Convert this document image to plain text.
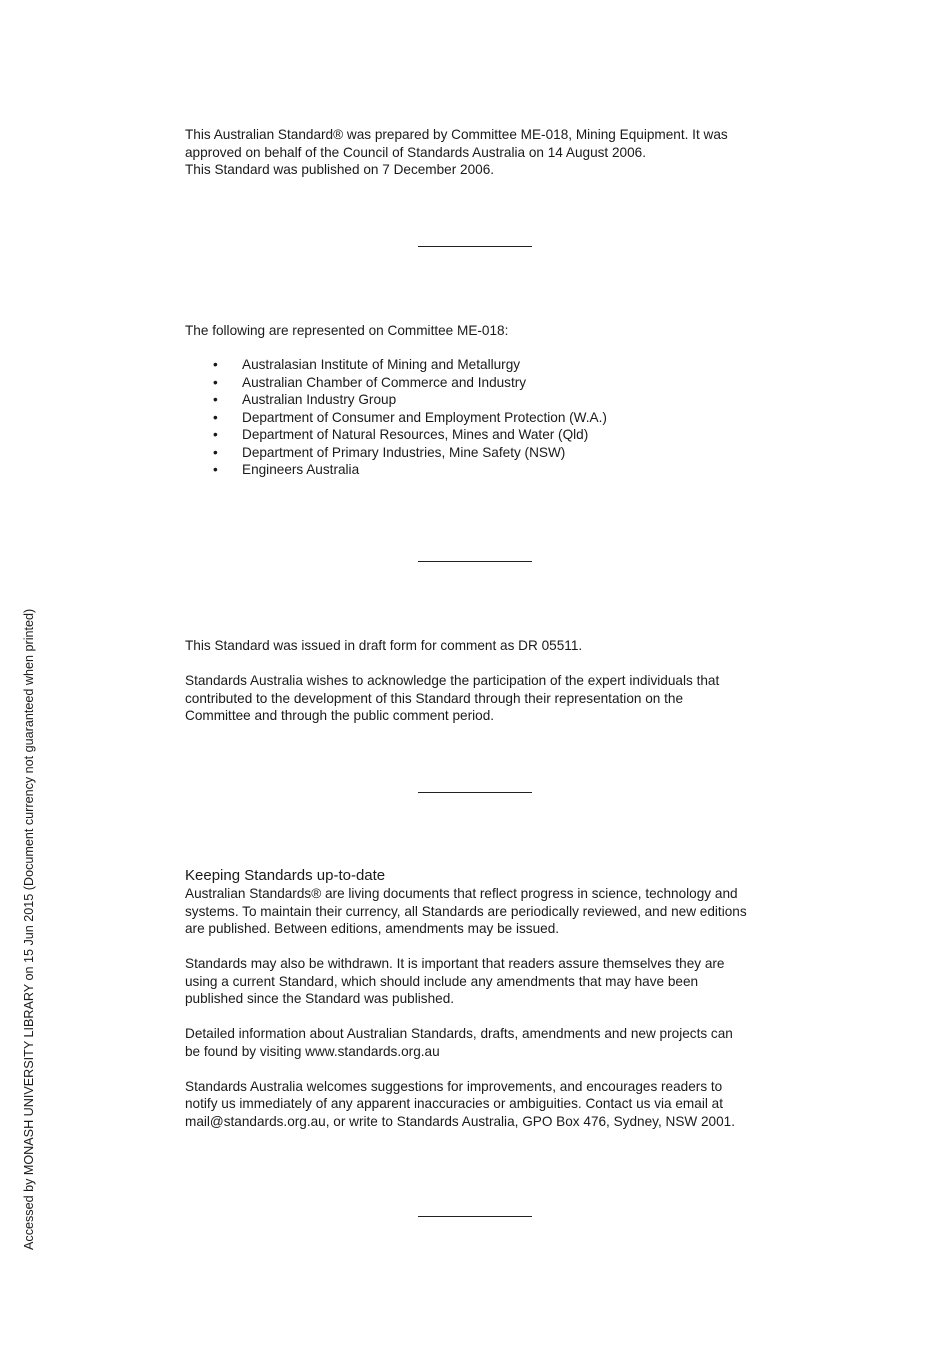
This Australian Standard® was prepared by Committee ME-018, Mining Equipment. It was

approved on behalf of the Council of Standards Australia on 14 August 2006.

This Standard was published on 7 December 2006.

The following are represented on Committee ME-018:

• Australasian Institute of Mining and Metallurgy
• Australian Chamber of Commerce and Industry
• Australian Industry Group
• Department of Consumer and Employment Protection (W.A.)
• Department of Natural Resources, Mines and Water (Qld)
• Department of Primary Industries, Mine Safety (NSW)
• Engineers Australia

This Standard was issued in draft form for comment as DR 05511.

Standards Australia wishes to acknowledge the participation of the expert individuals that

contributed to the development of this Standard through their representation on the

Committee and through the public comment period.

Keeping Standards up-to-date

Australian Standards® are living documents that reflect progress in science, technology and

systems. To maintain their currency, all Standards are periodically reviewed, and new editions

are published. Between editions, amendments may be issued.

Standards may also be withdrawn. It is important that readers assure themselves they are

using a current Standard, which should include any amendments that may have been

published since the Standard was published.

Detailed information about Australian Standards, drafts, amendments and new projects can

be found by visiting www.standards.org.au

Standards Australia welcomes suggestions for improvements, and encourages readers to

notify us immediately of any apparent inaccuracies or ambiguities. Contact us via email at

mail@standards.org.au, or write to Standards Australia, GPO Box 476, Sydney, NSW 2001.

Accessed by MONASH UNIVERSITY LIBRARY on 15 Jun 2015 (Document currency not guaranteed when printed)
